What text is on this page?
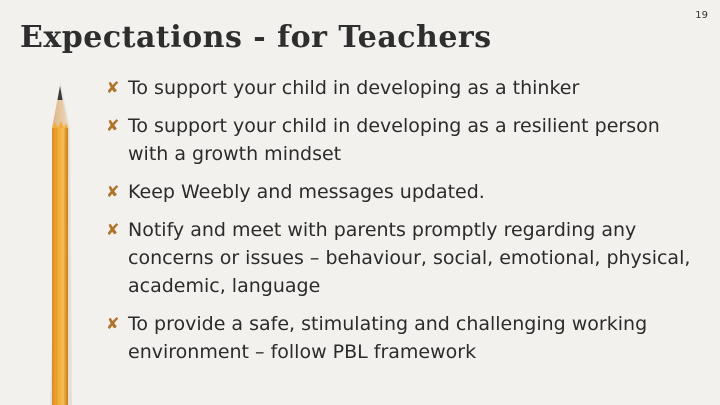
Expectations - for Teachers
19
✘ To support your child in developing as a thinker
✘ To support your child in developing as a resilient person with a growth mindset
✘ Keep Weebly and messages updated.
✘ Notify and meet with parents promptly regarding any concerns or issues – behaviour, social, emotional, physical, academic, language
✘ To provide a safe, stimulating and challenging working environment – follow PBL framework
